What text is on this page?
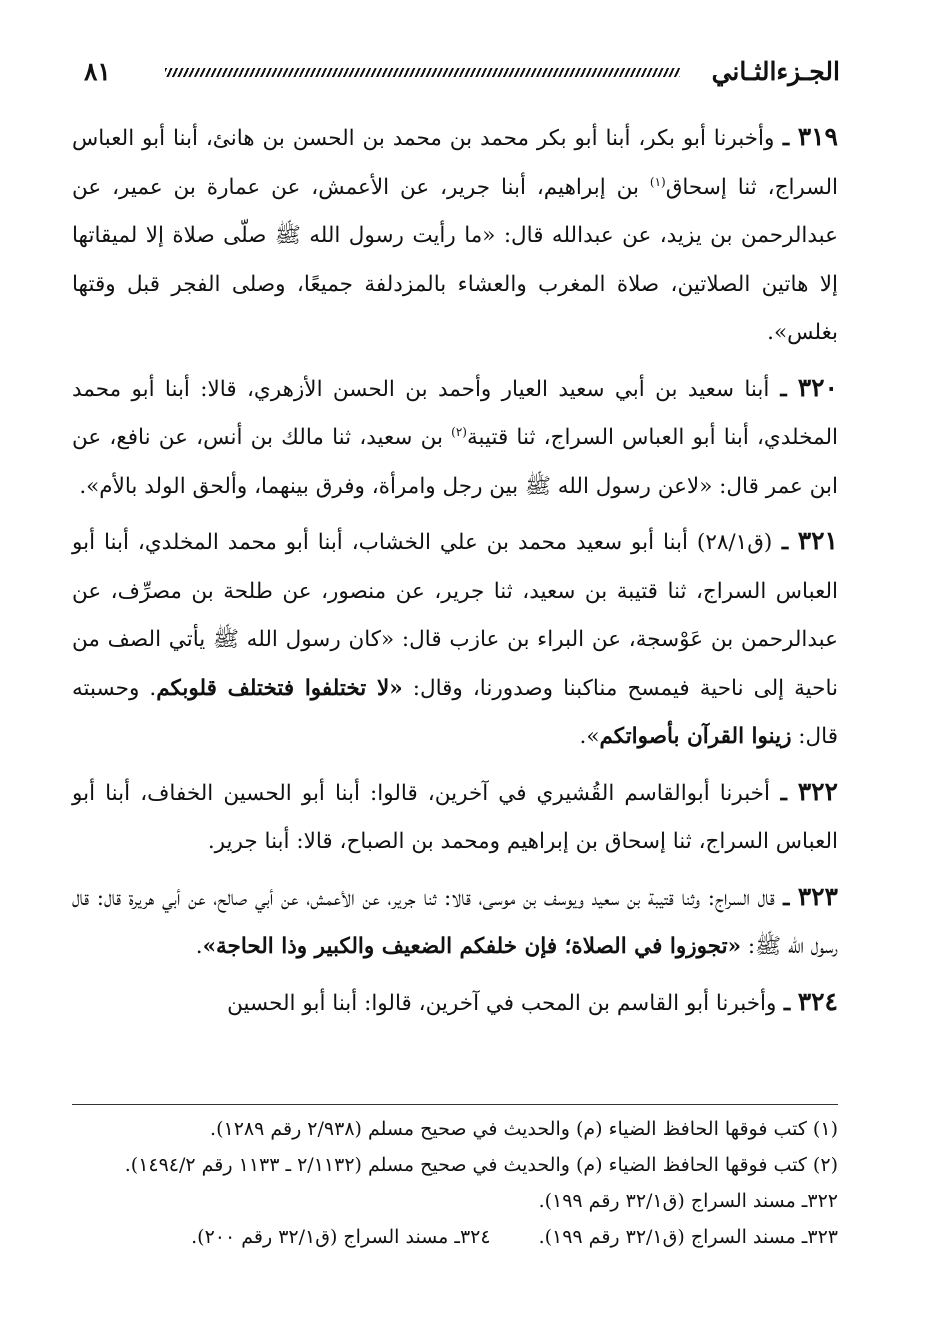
الجـزءالثـاني
٨١

٣١٩ ـ وأخبرنا أبو بكر، أبنا أبو بكر محمد بن محمد بن الحسن بن هانئ، أبنا أبو العباس السراج، ثنا إسحاق$^{(١)}$ بن إبراهيم، أبنا جرير، عن الأعمش، عن عمارة بن عمير، عن عبدالرحمن بن يزيد، عن عبدالله قال: «ما رأيت رسول الله ﷺ صلّى صلاة إلا لميقاتها إلا هاتين الصلاتين، صلاة المغرب والعشاء بالمزدلفة جميعًا، وصلى الفجر قبل وقتها بغلس».

٣٢٠ ـ أبنا سعيد بن أبي سعيد العيار وأحمد بن الحسن الأزهري، قالا: أبنا أبو محمد المخلدي، أبنا أبو العباس السراج، ثنا قتيبة$^{(٢)}$ بن سعيد، ثنا مالك بن أنس، عن نافع، عن ابن عمر قال: «لاعن رسول الله ﷺ بين رجل وامرأة، وفرق بينهما، وألحق الولد بالأم».

٣٢١ ـ (ق٢٨/١) أبنا أبو سعيد محمد بن علي الخشاب، أبنا أبو محمد المخلدي، أبنا أبو العباس السراج، ثنا قتيبة بن سعيد، ثنا جرير، عن منصور، عن طلحة بن مصرِّف، عن عبدالرحمن بن عَوْسجة، عن البراء بن عازب قال: «كان رسول الله ﷺ يأتي الصف من ناحية إلى ناحية فيمسح مناكبنا وصدورنا، وقال: «لا تختلفوا فتختلف قلوبكم. وحسبته قال: زينوا القرآن بأصواتكم».

٣٢٢ ـ أخبرنا أبوالقاسم القُشيري في آخرين، قالوا: أبنا أبو الحسين الخفاف، أبنا أبو العباس السراج، ثنا إسحاق بن إبراهيم ومحمد بن الصباح، قالا: أبنا جرير.

٣٢٣ ـ قال السراج: وثنا قتيبة بن سعيد ويوسف بن موسى، قالا: ثنا جرير، عن الأعمش، عن أبي صالح، عن أبي هريرة قال: قال رسول الله ﷺ: «تجوزوا في الصلاة؛ فإن خلفكم الضعيف والكبير وذا الحاجة».

٣٢٤ ـ وأخبرنا أبو القاسم بن المحب في آخرين، قالوا: أبنا أبو الحسين

(١) كتب فوقها الحافظ الضياء (م) والحديث في صحيح مسلم (٢/٩٣٨ رقم ١٢٨٩).

(٢) كتب فوقها الحافظ الضياء (م) والحديث في صحيح مسلم (٢/١١٣٢ ـ ١١٣٣ رقم ١٤٩٤/٢).

٣٢٢ـ مسند السراج (ق٣٢/١ رقم ١٩٩).

٣٢٣ـ مسند السراج (ق٣٢/١ رقم ١٩٩).
٣٢٤ـ مسند السراج (ق٣٢/١ رقم ٢٠٠).
